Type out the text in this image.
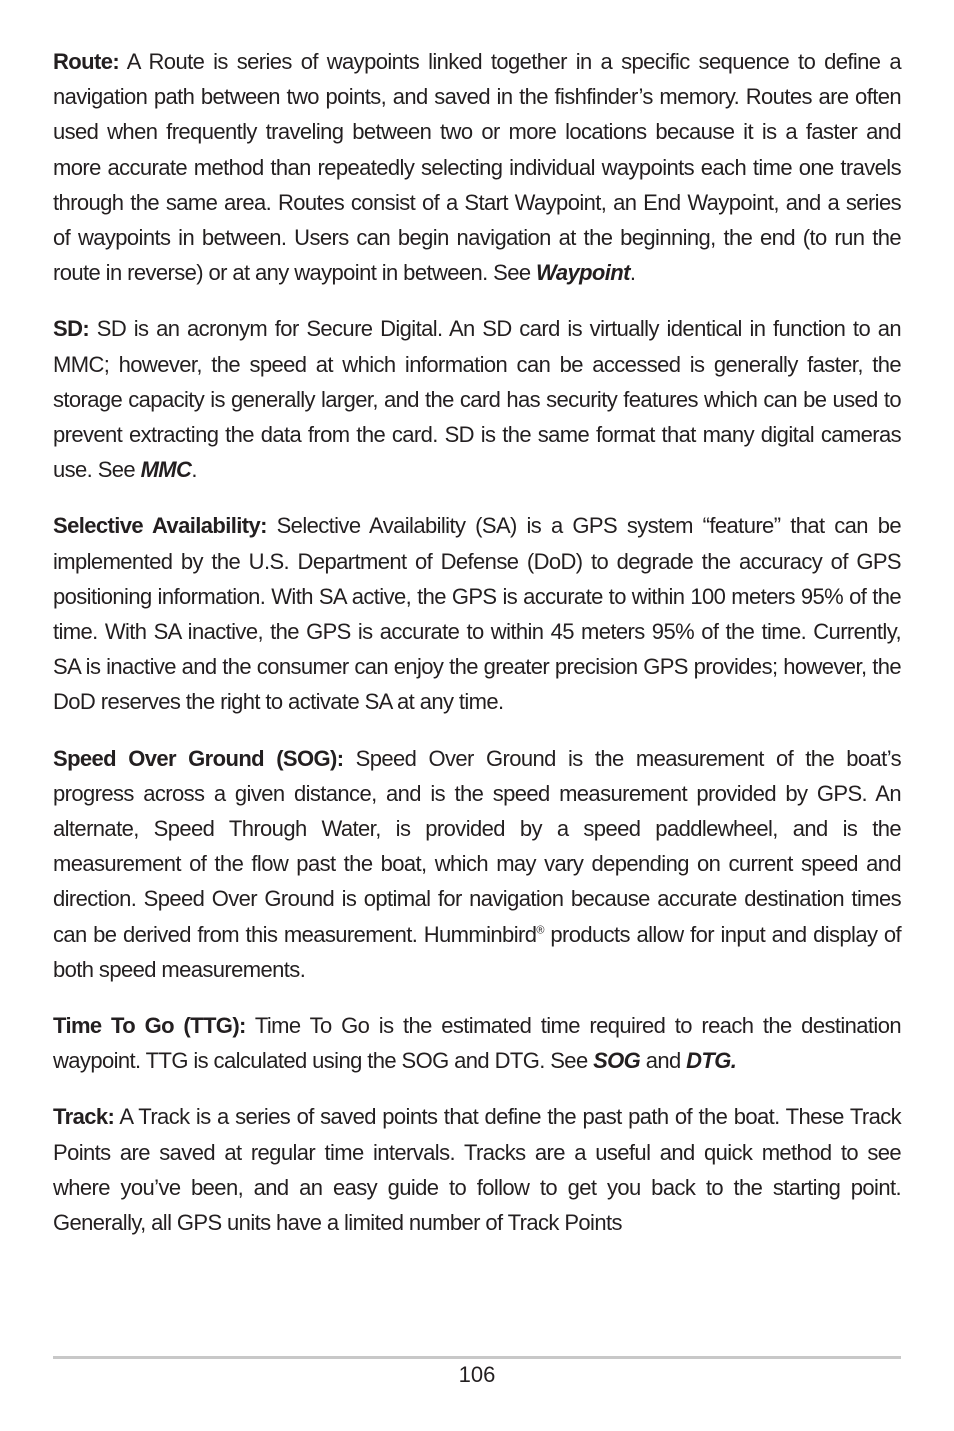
Route: A Route is series of waypoints linked together in a specific sequence to define a navigation path between two points, and saved in the fishfinder’s memory. Routes are often used when frequently traveling between two or more locations because it is a faster and more accurate method than repeatedly selecting individual waypoints each time one travels through the same area. Routes consist of a Start Waypoint, an End Waypoint, and a series of waypoints in between. Users can begin navigation at the beginning, the end (to run the route in reverse) or at any waypoint in between. See Waypoint.

SD: SD is an acronym for Secure Digital. An SD card is virtually identical in function to an MMC; however, the speed at which information can be accessed is generally faster, the storage capacity is generally larger, and the card has security features which can be used to prevent extracting the data from the card. SD is the same format that many digital cameras use. See MMC.

Selective Availability: Selective Availability (SA) is a GPS system “feature” that can be implemented by the U.S. Department of Defense (DoD) to degrade the accuracy of GPS positioning information. With SA active, the GPS is accurate to within 100 meters 95% of the time. With SA inactive, the GPS is accurate to within 45 meters 95% of the time. Currently, SA is inactive and the consumer can enjoy the greater precision GPS provides; however, the DoD reserves the right to activate SA at any time.

Speed Over Ground (SOG): Speed Over Ground is the measurement of the boat’s progress across a given distance, and is the speed measurement provided by GPS. An alternate, Speed Through Water, is provided by a speed paddlewheel, and is the measurement of the flow past the boat, which may vary depending on current speed and direction. Speed Over Ground is optimal for navigation because accurate destination times can be derived from this measurement. Humminbird® products allow for input and display of both speed measurements.

Time To Go (TTG): Time To Go is the estimated time required to reach the destination waypoint. TTG is calculated using the SOG and DTG. See SOG and DTG.

Track: A Track is a series of saved points that define the past path of the boat. These Track Points are saved at regular time intervals. Tracks are a useful and quick method to see where you’ve been, and an easy guide to follow to get you back to the starting point. Generally, all GPS units have a limited number of Track Points

106
